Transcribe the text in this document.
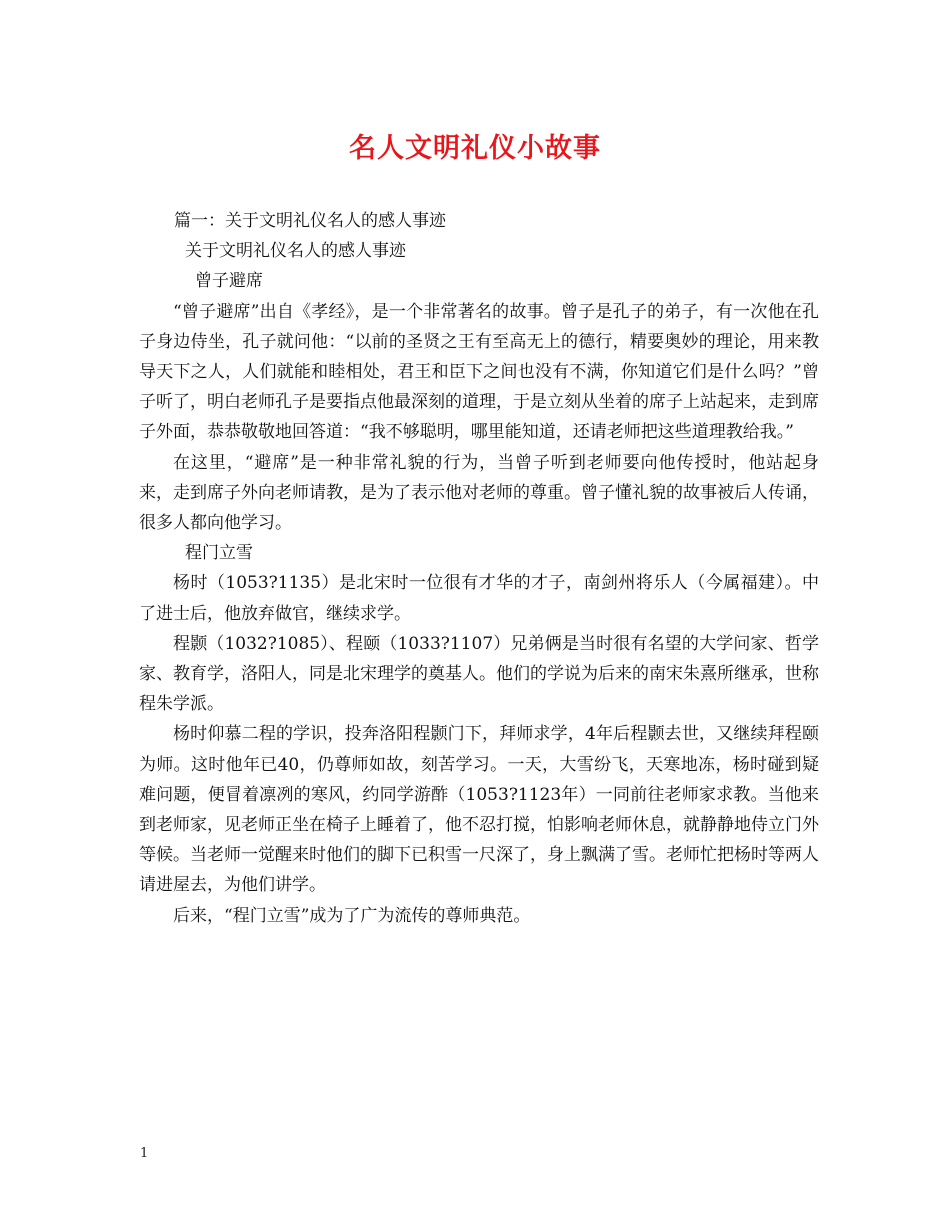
名人文明礼仪小故事

篇一：关于文明礼仪名人的感人事迹

关于文明礼仪名人的感人事迹

曾子避席

“曾子避席”出自《孝经》，是一个非常著名的故事。曾子是孔子的弟子，有一次他在孔子身边侍坐，孔子就问他：“以前的圣贤之王有至高无上的德行，精要奥妙的理论，用来教导天下之人，人们就能和睦相处，君王和臣下之间也没有不满，你知道它们是什么吗？”曾子听了，明白老师孔子是要指点他最深刻的道理，于是立刻从坐着的席子上站起来，走到席子外面，恭恭敬敬地回答道：“我不够聪明，哪里能知道，还请老师把这些道理教给我。”

在这里，“避席”是一种非常礼貌的行为，当曾子听到老师要向他传授时，他站起身来，走到席子外向老师请教，是为了表示他对老师的尊重。曾子懂礼貌的故事被后人传诵，很多人都向他学习。

程门立雪

杨时（1053?1135）是北宋时一位很有才华的才子，南剑州将乐人（今属福建）。中了进士后，他放弃做官，继续求学。

程颢（1032?1085）、程颐（1033?1107）兄弟俩是当时很有名望的大学问家、哲学家、教育学，洛阳人，同是北宋理学的奠基人。他们的学说为后来的南宋朱熹所继承，世称程朱学派。

杨时仰慕二程的学识，投奔洛阳程颢门下，拜师求学，4年后程颢去世，又继续拜程颐为师。这时他年已40，仍尊师如故，刻苦学习。一天，大雪纷飞，天寒地冻，杨时碰到疑难问题，便冒着凛冽的寒风，约同学游酢（1053?1123年）一同前往老师家求教。当他来到老师家，见老师正坐在椅子上睡着了，他不忍打搅，怕影响老师休息，就静静地侍立门外等候。当老师一觉醒来时他们的脚下已积雪一尺深了，身上飘满了雪。老师忙把杨时等两人请进屋去，为他们讲学。

后来，“程门立雪”成为了广为流传的尊师典范。

1
